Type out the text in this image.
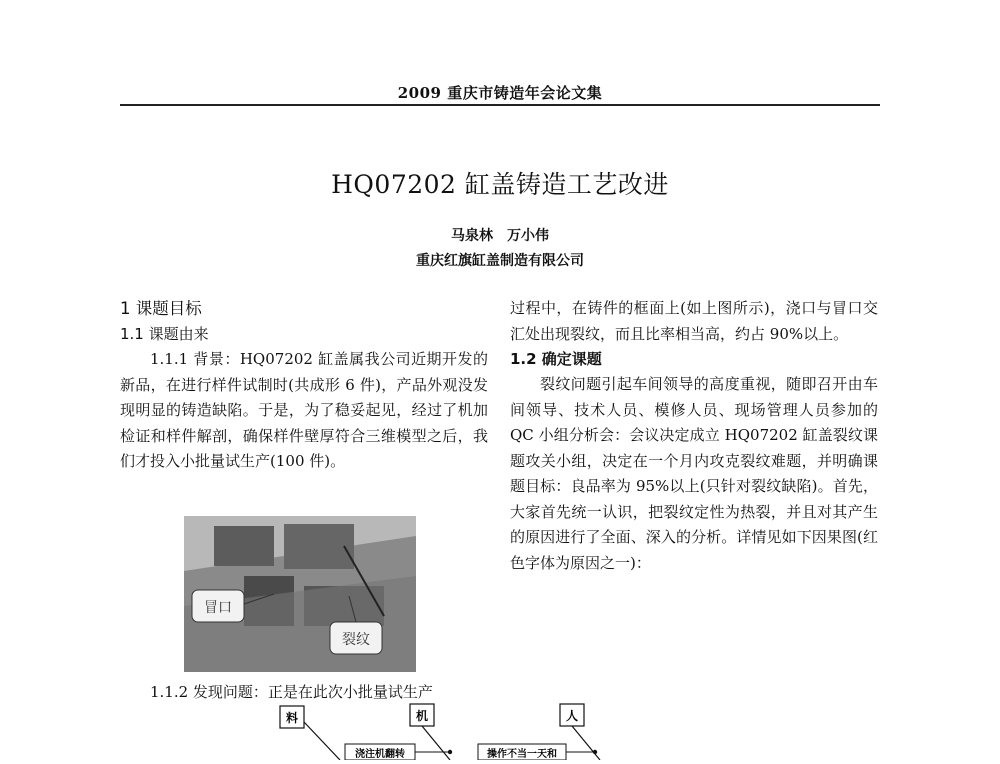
2009 重庆市铸造年会论文集
HQ07202 缸盖铸造工艺改进
马泉林　万小伟
重庆红旗缸盖制造有限公司
1 课题目标
1.1 课题由来

1.1.1 背景：HQ07202 缸盖属我公司近期开发的新品，在进行样件试制时(共成形 6 件)，产品外观没发现明显的铸造缺陷。于是，为了稳妥起见，经过了机加检证和样件解剖，确保样件壁厚符合三维模型之后，我们才投入小批量试生产(100 件)。

冒口
裂纹
1.1.2 发现问题：正是在此次小批量试生产

过程中，在铸件的框面上(如上图所示)，浇口与冒口交汇处出现裂纹，而且比率相当高，约占 90%以上。

1.2 确定课题

裂纹问题引起车间领导的高度重视，随即召开由车间领导、技术人员、模修人员、现场管理人员参加的 QC 小组分析会：会议决定成立 HQ07202 缸盖裂纹课题攻关小组，决定在一个月内攻克裂纹难题，并明确课题目标：良品率为 95%以上(只针对裂纹缺陷)。首先，大家首先统一认识，把裂纹定性为热裂，并且对其产生的原因进行了全面、深入的分析。详情见如下因果图(红色字体为原因之一)：

料	机	人
浇注机翻转	操作不当一天和
